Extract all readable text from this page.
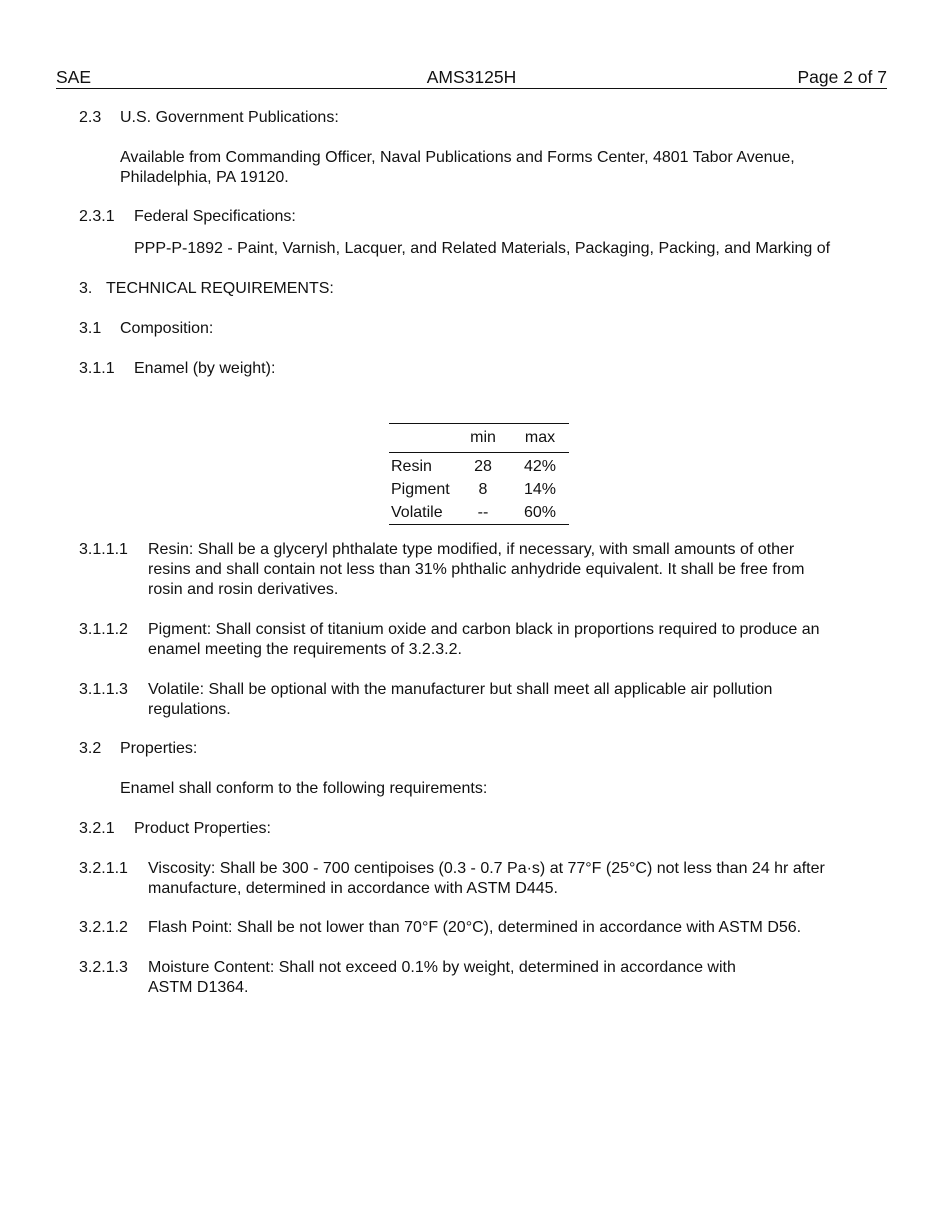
SAE	AMS3125H	Page 2 of 7
2.3 U.S. Government Publications:
Available from Commanding Officer, Naval Publications and Forms Center, 4801 Tabor Avenue,
Philadelphia, PA 19120.
2.3.1 Federal Specifications:
PPP-P-1892 - Paint, Varnish, Lacquer, and Related Materials, Packaging, Packing, and Marking of
3. TECHNICAL REQUIREMENTS:
3.1 Composition:
3.1.1 Enamel (by weight):
	min	max
Resin	28	42%
Pigment	8	14%
Volatile	--	60%
3.1.1.1 Resin: Shall be a glyceryl phthalate type modified, if necessary, with small amounts of other
resins and shall contain not less than 31% phthalic anhydride equivalent. It shall be free from
rosin and rosin derivatives.
3.1.1.2 Pigment: Shall consist of titanium oxide and carbon black in proportions required to produce an
enamel meeting the requirements of 3.2.3.2.
3.1.1.3 Volatile: Shall be optional with the manufacturer but shall meet all applicable air pollution
regulations.
3.2 Properties:
Enamel shall conform to the following requirements:
3.2.1 Product Properties:
3.2.1.1 Viscosity: Shall be 300 - 700 centipoises (0.3 - 0.7 Pa·s) at 77°F (25°C) not less than 24 hr after
manufacture, determined in accordance with ASTM D445.
3.2.1.2 Flash Point: Shall be not lower than 70°F (20°C), determined in accordance with ASTM D56.
3.2.1.3 Moisture Content: Shall not exceed 0.1% by weight, determined in accordance with
ASTM D1364.
